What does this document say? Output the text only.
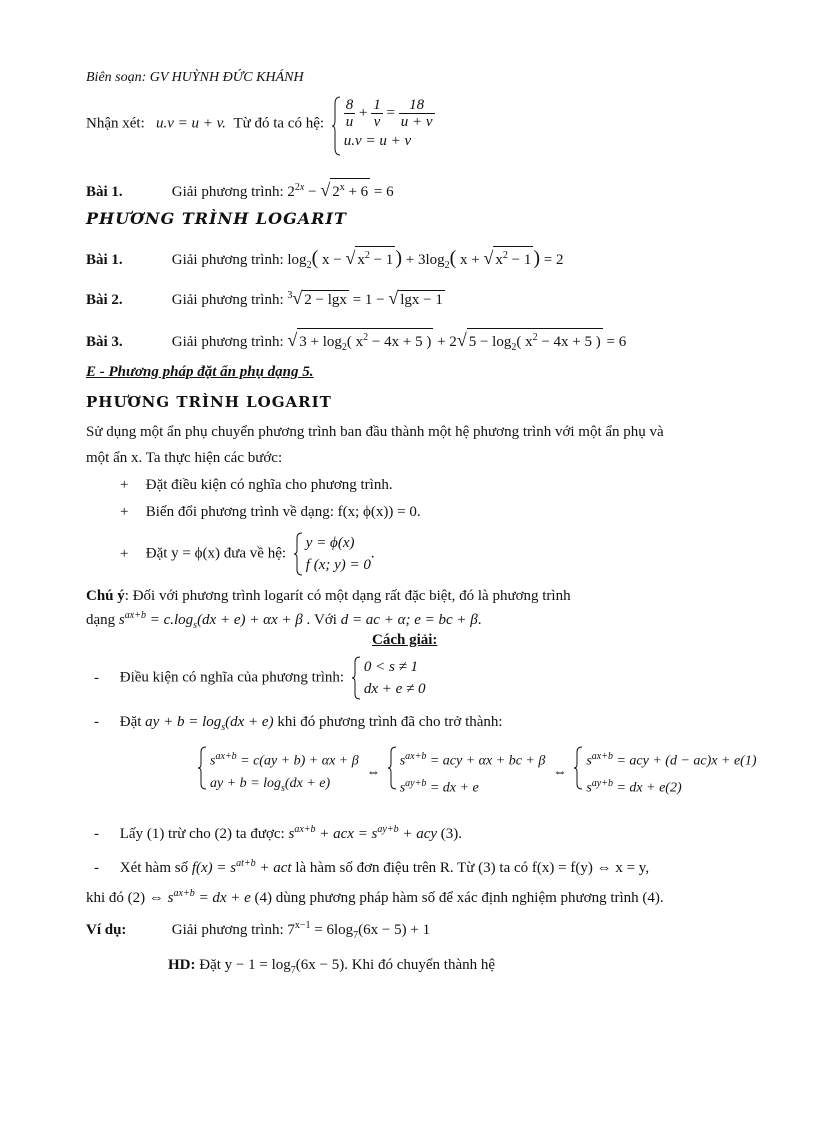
Biên soạn: GV HUỲNH ĐỨC KHÁNH
Nhận xét: u.v = u + v. Từ đó ta có hệ: $\frac{8}{u} + \frac{1}{v} = \frac{18}{u + v}$
u.v = u + v
Bài 1.	Giải phương trình: $2^{2x}$ − √ $2^x + 6 = 6$
PHƯƠNG TRÌNH LOGARIT
Bài 1.	Giải phương trình: $\log_2$( x − √ $x^2 - 1$ ) + $3\log_2$( x + √ $x^2 - 1$ ) = 2
Bài 2.	Giải phương trình: $^3$√ 2 − lgx = 1 − √ lgx − 1
Bài 3.	Giải phương trình: √ $3 + \log_2$( $x^2 - 4x + 5$ ) + 2√ $5 - \log_2$( $x^2 - 4x + 5$ ) = 6
E - Phương pháp đặt ẩn phụ dạng 5.
PHƯƠNG TRÌNH LOGARIT
Sử dụng một ẩn phụ chuyển phương trình ban đầu thành một hệ phương trình với một ẩn phụ và
một ẩn x. Ta thực hiện các bước:
+ Đặt điều kiện có nghĩa cho phương trình.
+ Biến đổi phương trình về dạng: f(x; ϕ(x)) = 0.
+ Đặt y = ϕ(x) đưa về hệ:
y = ϕ(x)
f (x; y) = 0
.
Chú ý: Đối với phương trình logarít có một dạng rất đặc biệt, đó là phương trình
dạng $s^{ax+b} = c.\log_s(dx + e) + \alpha x + \beta$ . Với d = ac + α; e = bc + β.
Cách giải:
- Điều kiện có nghĩa của phương trình:
0 < s ≠ 1
dx + e ≠ 0
- Đặt ay + $b = \log_s(dx + e)$ khi đó phương trình đã cho trở thành:
$s^{ax+b} = c(ay + b) + \alpha x + \beta$
ay + $b = \log_s(dx + e)$
⇔
$s^{ax+b}$ = acy + αx + bc + β
$s^{ay+b}$ = dx + e
⇔
$s^{ax+b}$ = acy + (d − ac)x + e(1)
$s^{ay+b}$ = dx + e(2)
- Lấy (1) trừ cho (2) ta được: $s^{ax+b}$ + acx = $s^{ay+b}$ + acy (3).
- Xét hàm số $f(x) = s^{at+b}$ + act là hàm số đơn điệu trên R. Từ (3) ta có f(x) = f(y) ⇔ x = y,
khi đó (2) ⇔ $s^{ax+b}$ = dx + e (4) dùng phương pháp hàm số để xác định nghiệm phương trình (4).
Ví dụ:	Giải phương trình: $7^{x-1} = 6\log_7(6x - 5) + 1$
HD: Đặt $y - 1 = \log_7(6x - 5)$. Khi đó chuyển thành hệ
